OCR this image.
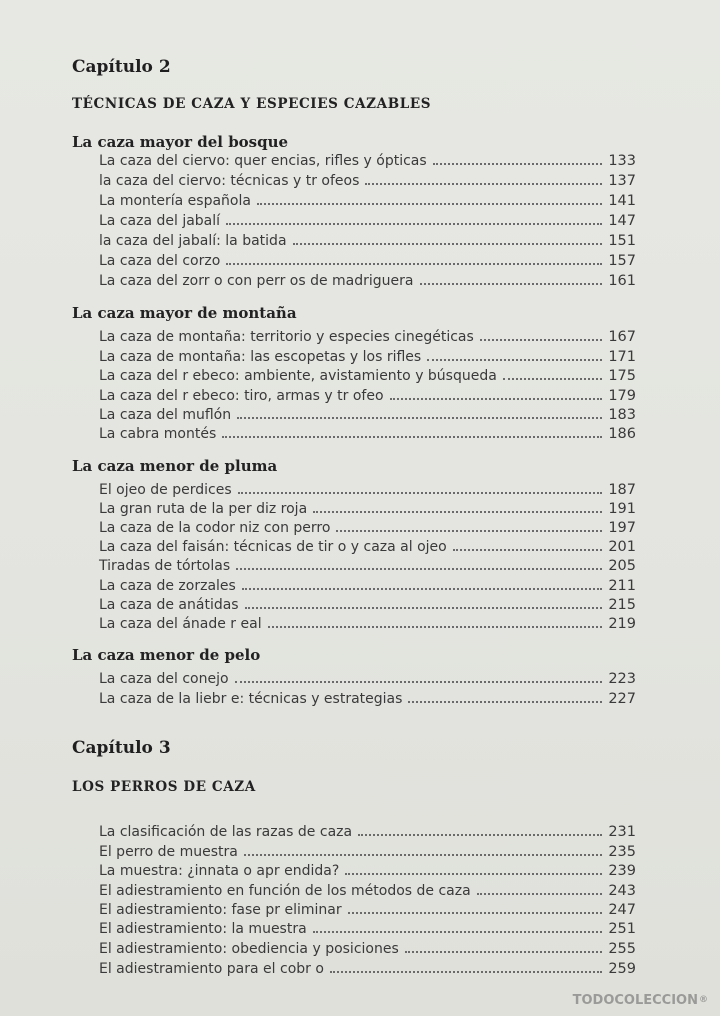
Capítulo 2
TÉCNICAS DE CAZA Y ESPECIES CAZABLES
La caza mayor del bosque
La caza del ciervo: quer encias, rifles y ópticas	133
la caza del ciervo: técnicas y tr ofeos	137
La montería española	141
La caza del jabalí	147
la caza del jabalí: la batida	151
La caza del corzo	157
La caza del zorr o con perr os de madriguera	161
La caza mayor de montaña
La caza de montaña: territorio y especies cinegéticas	167
La caza de montaña: las escopetas y los rifles	171
La caza del r ebeco: ambiente, avistamiento y búsqueda	175
La caza del r ebeco: tiro, armas y tr ofeo	179
La caza del muflón	183
La cabra montés	186
La caza menor de pluma
El ojeo de perdices	187
La gran ruta de la per diz roja	191
La caza de la codor niz con perro	197
La caza del faisán: técnicas de tir o y caza al ojeo	201
Tiradas de tórtolas	205
La caza de zorzales	211
La caza de anátidas	215
La caza del ánade r eal	219
La caza menor de pelo
La caza del conejo	223
La caza de la liebr e: técnicas y estrategias	227
Capítulo 3
LOS PERROS DE CAZA
La clasificación de las razas de caza	231
El perro de muestra	235
La muestra: ¿innata o apr endida?	239
El adiestramiento en función de los métodos de caza	243
El adiestramiento: fase pr eliminar	247
El adiestramiento: la muestra	251
El adiestramiento: obediencia y posiciones	255
El adiestramiento para el cobr o	259
TODOCOLECCION®
